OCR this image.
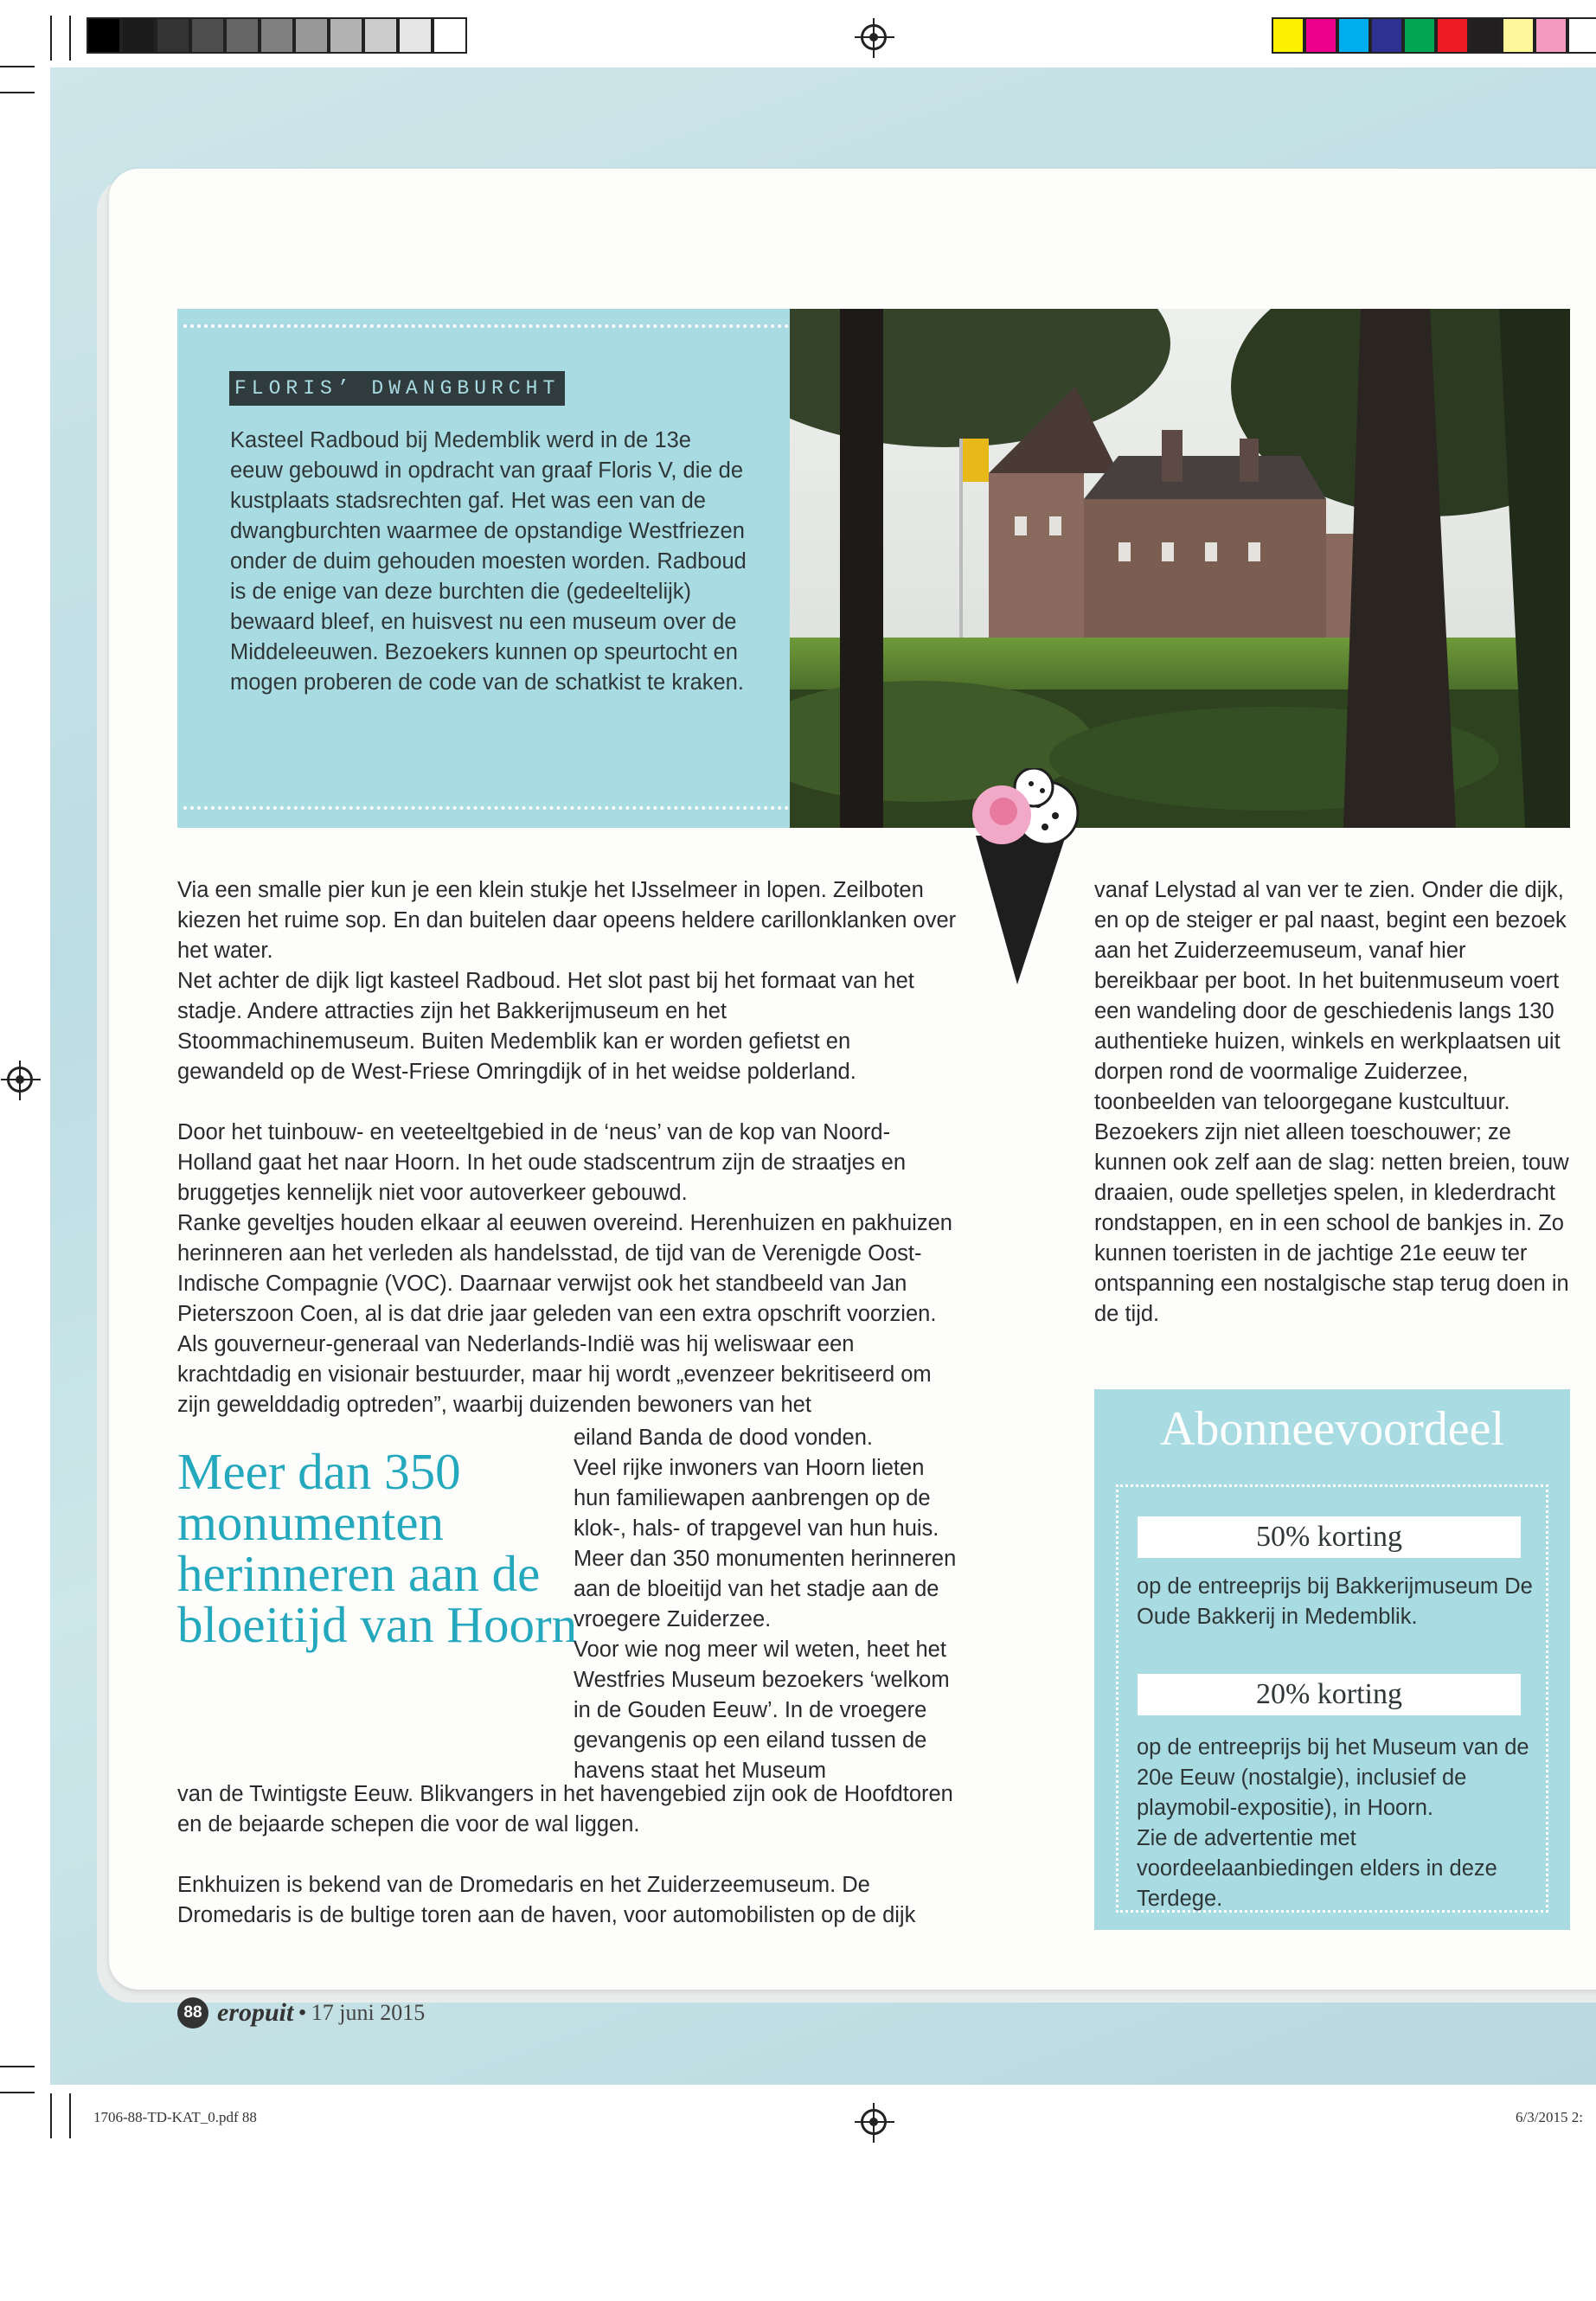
FLORIS’ DWANGBURCHT

Kasteel Radboud bij Medemblik werd in de 13e eeuw gebouwd in opdracht van graaf Floris V, die de kustplaats stadsrechten gaf. Het was een van de dwangburchten waarmee de opstandige Westfriezen onder de duim gehouden moesten worden. Radboud is de enige van deze burchten die (gedeeltelijk) bewaard bleef, en huisvest nu een museum over de Middeleeuwen. Bezoekers kunnen op speurtocht en mogen proberen de code van de schatkist te kraken.

Via een smalle pier kun je een klein stukje het IJsselmeer in lopen. Zeilboten kiezen het ruime sop. En dan buitelen daar opeens heldere carillonklanken over het water.

Net achter de dijk ligt kasteel Radboud. Het slot past bij het formaat van het stadje. Andere attracties zijn het Bakkerijmuseum en het Stoommachinemuseum. Buiten Medemblik kan er worden gefietst en gewandeld op de West-Friese Omringdijk of in het weidse polderland.

Door het tuinbouw- en veeteeltgebied in de ‘neus’ van de kop van Noord-Holland gaat het naar Hoorn. In het oude stadscentrum zijn de straatjes en bruggetjes kennelijk niet voor autoverkeer gebouwd.

Ranke geveltjes houden elkaar al eeuwen overeind. Herenhuizen en pakhuizen herinneren aan het verleden als handelsstad, de tijd van de Verenigde Oost-Indische Compagnie (VOC). Daarnaar verwijst ook het standbeeld van Jan Pieterszoon Coen, al is dat drie jaar geleden van een extra opschrift voorzien. Als gouverneur-generaal van Nederlands-Indië was hij weliswaar een krachtdadig en visionair bestuurder, maar hij wordt „evenzeer bekritiseerd om zijn gewelddadig optreden”, waarbij duizenden bewoners van het

Meer dan 350 monumenten herinneren aan de bloeitijd van Hoorn

eiland Banda de dood vonden.

Veel rijke inwoners van Hoorn lieten hun familiewapen aanbrengen op de klok-, hals- of trapgevel van hun huis.

Meer dan 350 monumenten herinneren aan de bloeitijd van het stadje aan de vroegere Zuiderzee.

Voor wie nog meer wil weten, heet het Westfries Museum bezoekers ‘welkom in de Gouden Eeuw’. In de vroegere gevangenis op een eiland tussen de havens staat het Museum

van de Twintigste Eeuw. Blikvangers in het havengebied zijn ook de Hoofdtoren en de bejaarde schepen die voor de wal liggen.

Enkhuizen is bekend van de Dromedaris en het Zuiderzeemuseum. De Dromedaris is de bultige toren aan de haven, voor automobilisten op de dijk

vanaf Lelystad al van ver te zien. Onder die dijk, en op de steiger er pal naast, begint een bezoek aan het Zuiderzeemuseum, vanaf hier bereikbaar per boot. In het buitenmuseum voert een wandeling door de geschiedenis langs 130 authentieke huizen, winkels en werkplaatsen uit dorpen rond de voormalige Zuiderzee, toonbeelden van teloorgegane kustcultuur. Bezoekers zijn niet alleen toeschouwer; ze kunnen ook zelf aan de slag: netten breien, touw draaien, oude spelletjes spelen, in klederdracht rondstappen, en in een school de bankjes in. Zo kunnen toeristen in de jachtige 21e eeuw ter ontspanning een nostalgische stap terug doen in de tijd.

Abonneevoordeel

50% korting

op de entreeprijs bij Bakkerijmuseum De Oude Bakkerij in Medemblik.

20% korting

op de entreeprijs bij het Museum van de 20e Eeuw (nostalgie), inclusief de playmobil-expositie), in Hoorn.

Zie de advertentie met voordeelaanbiedingen elders in deze Terdege.

88 eropuit • 17 juni 2015
1706-88-TD-KAT_0.pdf 88	6/3/2015 2:
